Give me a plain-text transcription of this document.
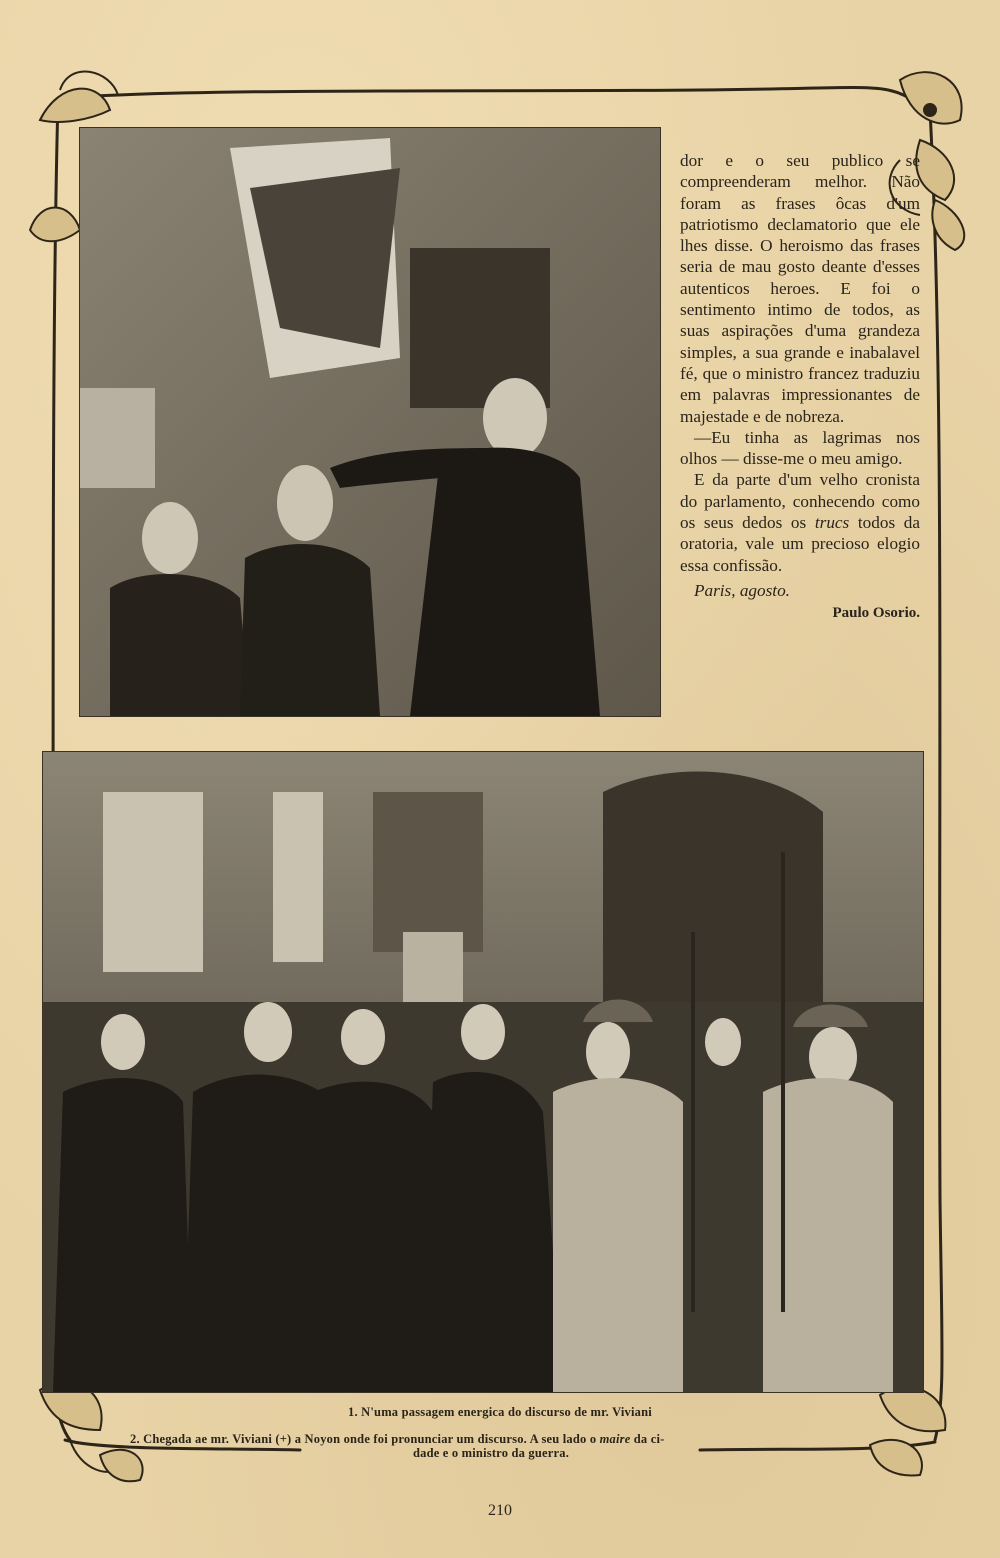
dor e o seu publico se compreenderam melhor. Não foram as frases ôcas d'um patriotismo declamatorio que ele lhes disse. O heroismo das frases seria de mau gosto deante d'esses autenticos heroes. E foi o sentimento intimo de todos, as suas aspirações d'uma grandeza simples, a sua grande e inabalavel fé, que o ministro francez traduziu em palavras impressionantes de majestade e de nobreza.

—Eu tinha as lagrimas nos olhos — disse-me o meu amigo.

E da parte d'um velho cronista do parlamento, conhecendo como os seus dedos os trucs todos da oratoria, vale um precioso elogio essa confissão.

Paris, agosto.
Paulo Osorio.
1. N'uma passagem energica do discurso de mr. Viviani
2. Chegada ae mr. Viviani (+) a Noyon onde foi pronunciar um discurso. A seu lado o maire da ci-
dade e o ministro da guerra.
210
